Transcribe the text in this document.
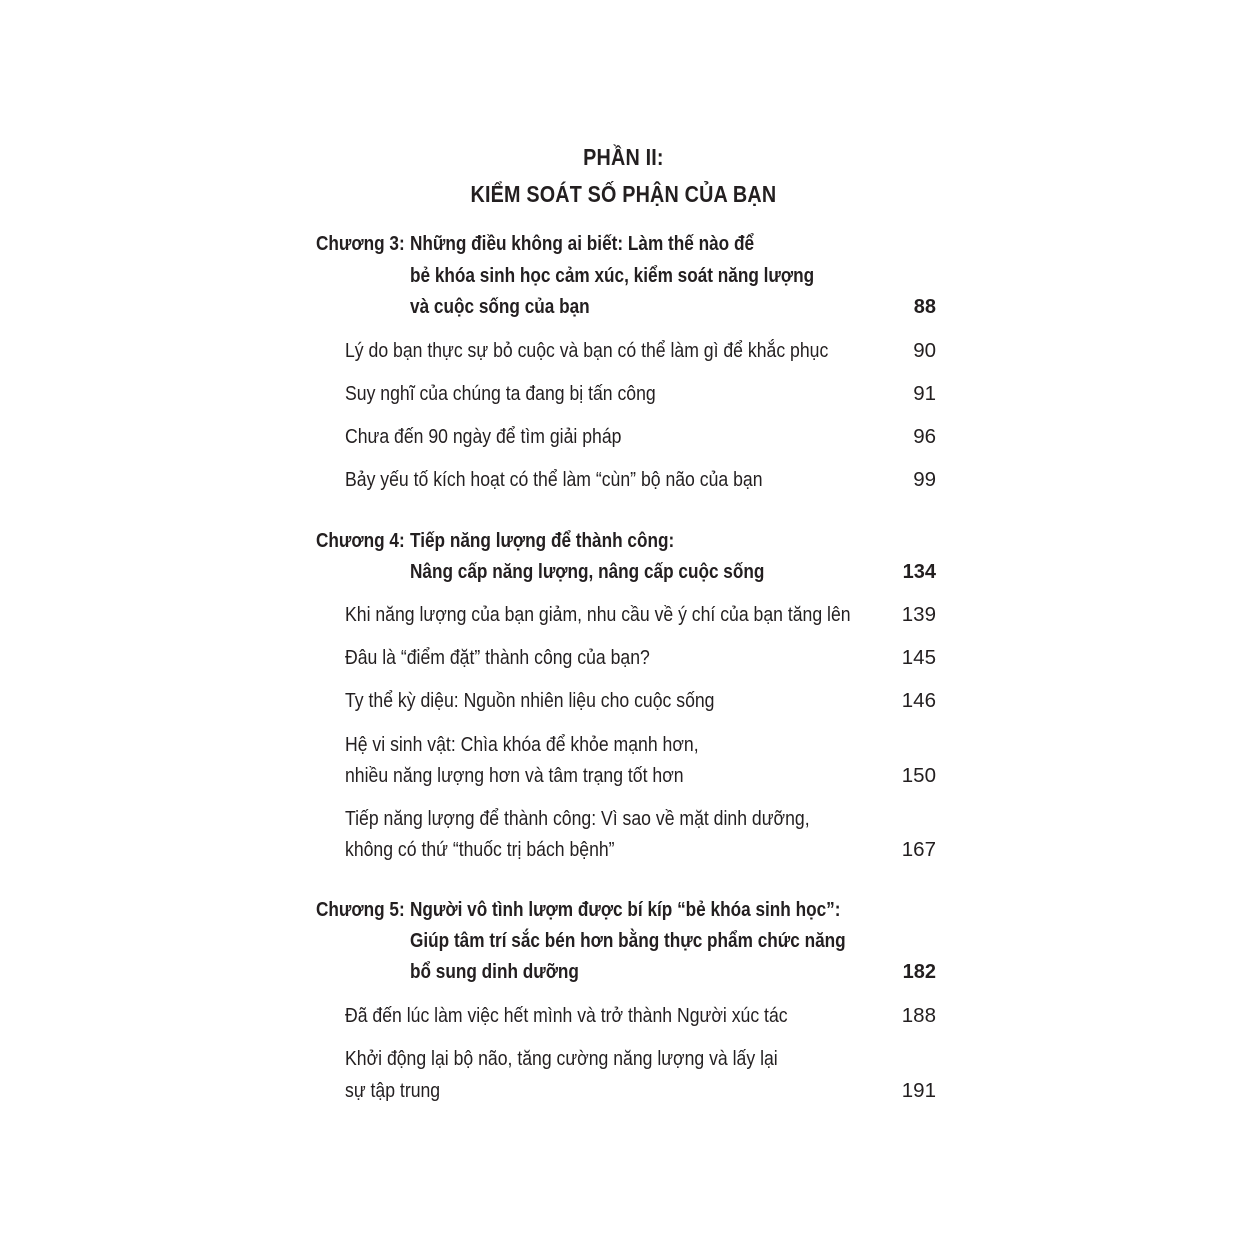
PHẦN II:
KIỂM SOÁT SỐ PHẬN CỦA BẠN
Chương 3: Những điều không ai biết: Làm thế nào để
bẻ khóa sinh học cảm xúc, kiểm soát năng lượng
và cuộc sống của bạn	88
Lý do bạn thực sự bỏ cuộc và bạn có thể làm gì để khắc phục	90
Suy nghĩ của chúng ta đang bị tấn công	91
Chưa đến 90 ngày để tìm giải pháp	96
Bảy yếu tố kích hoạt có thể làm “cùn” bộ não của bạn	99
Chương 4: Tiếp năng lượng để thành công:
Nâng cấp năng lượng, nâng cấp cuộc sống	134
Khi năng lượng của bạn giảm, nhu cầu về ý chí của bạn tăng lên 139
Đâu là “điểm đặt” thành công của bạn?	145
Ty thể kỳ diệu: Nguồn nhiên liệu cho cuộc sống	146
Hệ vi sinh vật: Chìa khóa để khỏe mạnh hơn,
nhiều năng lượng hơn và tâm trạng tốt hơn	150
Tiếp năng lượng để thành công: Vì sao về mặt dinh dưỡng,
không có thứ “thuốc trị bách bệnh”	167
Chương 5: Người vô tình lượm được bí kíp “bẻ khóa sinh học”:
Giúp tâm trí sắc bén hơn bằng thực phẩm chức năng
bổ sung dinh dưỡng	182
Đã đến lúc làm việc hết mình và trở thành Người xúc tác	188
Khởi động lại bộ não, tăng cường năng lượng và lấy lại
sự tập trung	191
